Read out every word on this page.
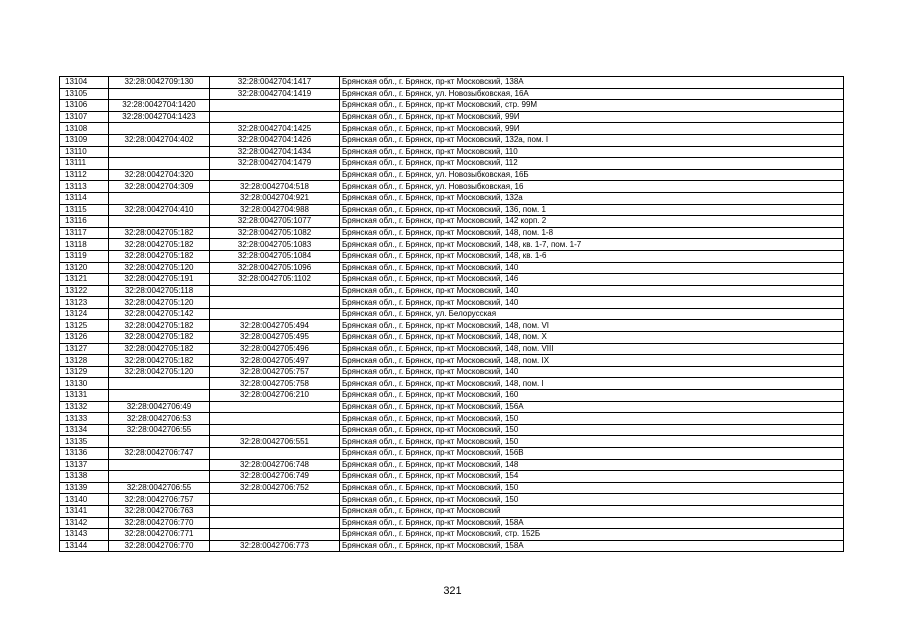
13104	32:28:0042709:130	32:28:0042704:1417	Брянская обл., г. Брянск, пр-кт Московский, 138А
13105		32:28:0042704:1419	Брянская обл., г. Брянск, ул. Новозыбковская, 16А
13106	32:28:0042704:1420		Брянская обл., г. Брянск, пр-кт Московский, стр. 99М
13107	32:28:0042704:1423		Брянская обл., г. Брянск, пр-кт Московский, 99И
13108		32:28:0042704:1425	Брянская обл., г. Брянск, пр-кт Московский, 99И
13109	32:28:0042704:402	32:28:0042704:1426	Брянская обл., г. Брянск, пр-кт Московский, 132а, пом. I
13110		32:28:0042704:1434	Брянская обл., г. Брянск, пр-кт Московский, 110
13111		32:28:0042704:1479	Брянская обл., г. Брянск, пр-кт Московский, 112
13112	32:28:0042704:320		Брянская обл., г. Брянск, ул. Новозыбковская, 16Б
13113	32:28:0042704:309	32:28:0042704:518	Брянская обл., г. Брянск, ул. Новозыбковская, 16
13114		32:28:0042704:921	Брянская обл., г. Брянск, пр-кт Московский, 132а
13115	32:28:0042704:410	32:28:0042704:988	Брянская обл., г. Брянск, пр-кт Московский, 136, пом. 1
13116		32:28:0042705:1077	Брянская обл., г. Брянск, пр-кт Московский, 142 корп. 2
13117	32:28:0042705:182	32:28:0042705:1082	Брянская обл., г. Брянск, пр-кт Московский, 148, пом. 1-8
13118	32:28:0042705:182	32:28:0042705:1083	Брянская обл., г. Брянск, пр-кт Московский, 148, кв. 1-7, пом. 1-7
13119	32:28:0042705:182	32:28:0042705:1084	Брянская обл., г. Брянск, пр-кт Московский, 148, кв. 1-6
13120	32:28:0042705:120	32:28:0042705:1096	Брянская обл., г. Брянск, пр-кт Московский, 140
13121	32:28:0042705:191	32:28:0042705:1102	Брянская обл., г. Брянск, пр-кт Московский, 146
13122	32:28:0042705:118		Брянская обл., г. Брянск, пр-кт Московский, 140
13123	32:28:0042705:120		Брянская обл., г. Брянск, пр-кт Московский, 140
13124	32:28:0042705:142		Брянская обл., г. Брянск, ул. Белорусская
13125	32:28:0042705:182	32:28:0042705:494	Брянская обл., г. Брянск, пр-кт Московский, 148, пом. VI
13126	32:28:0042705:182	32:28:0042705:495	Брянская обл., г. Брянск, пр-кт Московский, 148, пом. X
13127	32:28:0042705:182	32:28:0042705:496	Брянская обл., г. Брянск, пр-кт Московский, 148, пом. VIII
13128	32:28:0042705:182	32:28:0042705:497	Брянская обл., г. Брянск, пр-кт Московский, 148, пом. IX
13129	32:28:0042705:120	32:28:0042705:757	Брянская обл., г. Брянск, пр-кт Московский, 140
13130		32:28:0042705:758	Брянская обл., г. Брянск, пр-кт Московский, 148, пом. I
13131		32:28:0042706:210	Брянская обл., г. Брянск, пр-кт Московский, 160
13132	32:28:0042706:49		Брянская обл., г. Брянск, пр-кт Московский, 156А
13133	32:28:0042706:53		Брянская обл., г. Брянск, пр-кт Московский, 150
13134	32:28:0042706:55		Брянская обл., г. Брянск, пр-кт Московский, 150
13135		32:28:0042706:551	Брянская обл., г. Брянск, пр-кт Московский, 150
13136	32:28:0042706:747		Брянская обл., г. Брянск, пр-кт Московский, 156В
13137		32:28:0042706:748	Брянская обл., г. Брянск, пр-кт Московский, 148
13138		32:28:0042706:749	Брянская обл., г. Брянск, пр-кт Московский, 154
13139	32:28:0042706:55	32:28:0042706:752	Брянская обл., г. Брянск, пр-кт Московский, 150
13140	32:28:0042706:757		Брянская обл., г. Брянск, пр-кт Московский, 150
13141	32:28:0042706:763		Брянская обл., г. Брянск, пр-кт Московский
13142	32:28:0042706:770		Брянская обл., г. Брянск, пр-кт Московский, 158А
13143	32:28:0042706:771		Брянская обл., г. Брянск, пр-кт Московский, стр. 152Б
13144	32:28:0042706:770	32:28:0042706:773	Брянская обл., г. Брянск, пр-кт Московский, 158А
321
